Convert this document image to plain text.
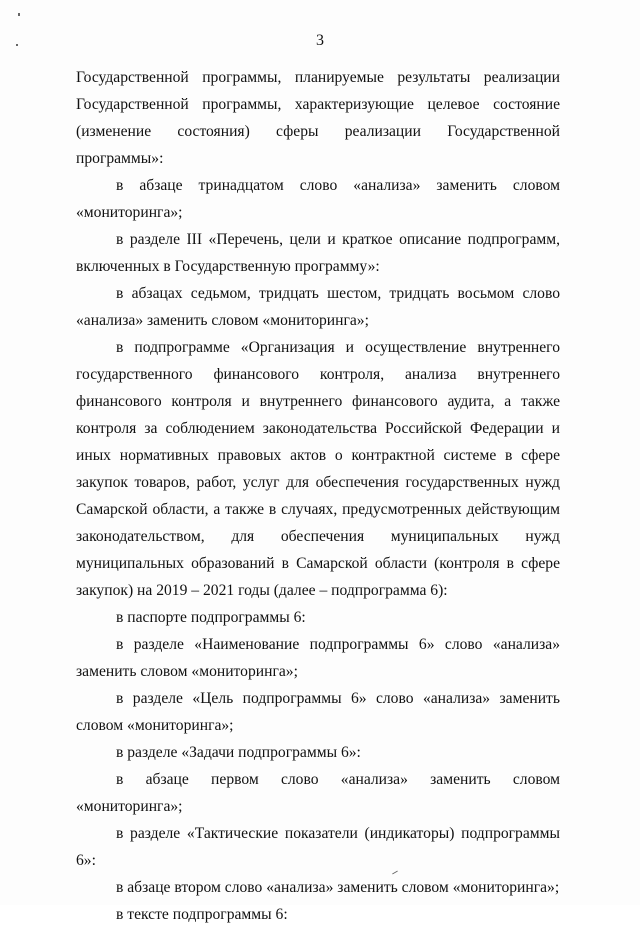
3

Государственной программы, планируемые результаты реализации Государственной программы, характеризующие целевое состояние (изменение состояния) сферы реализации Государственной программы»:

в абзаце тринадцатом слово «анализа» заменить словом «мониторинга»;

в разделе III «Перечень, цели и краткое описание подпрограмм, включенных в Государственную программу»:

в абзацах седьмом, тридцать шестом, тридцать восьмом слово «анализа» заменить словом «мониторинга»;

в подпрограмме «Организация и осуществление внутреннего государственного финансового контроля, анализа внутреннего финансового контроля и внутреннего финансового аудита, а также контроля за соблюдением законодательства Российской Федерации и иных нормативных правовых актов о контрактной системе в сфере закупок товаров, работ, услуг для обеспечения государственных нужд Самарской области, а также в случаях, предусмотренных действующим законодательством, для обеспечения муниципальных нужд муниципальных образований в Самарской области (контроля в сфере закупок) на 2019 – 2021 годы (далее – подпрограмма 6):

в паспорте подпрограммы 6:

в разделе «Наименование подпрограммы 6» слово «анализа» заменить словом «мониторинга»;

в разделе «Цель подпрограммы 6» слово «анализа» заменить словом «мониторинга»;

в разделе «Задачи подпрограммы 6»:

в абзаце первом слово «анализа» заменить словом «мониторинга»;

в разделе «Тактические показатели (индикаторы) подпрограммы 6»:

в абзаце втором слово «анализа» заменить словом «мониторинга»;

в тексте подпрограммы 6:
